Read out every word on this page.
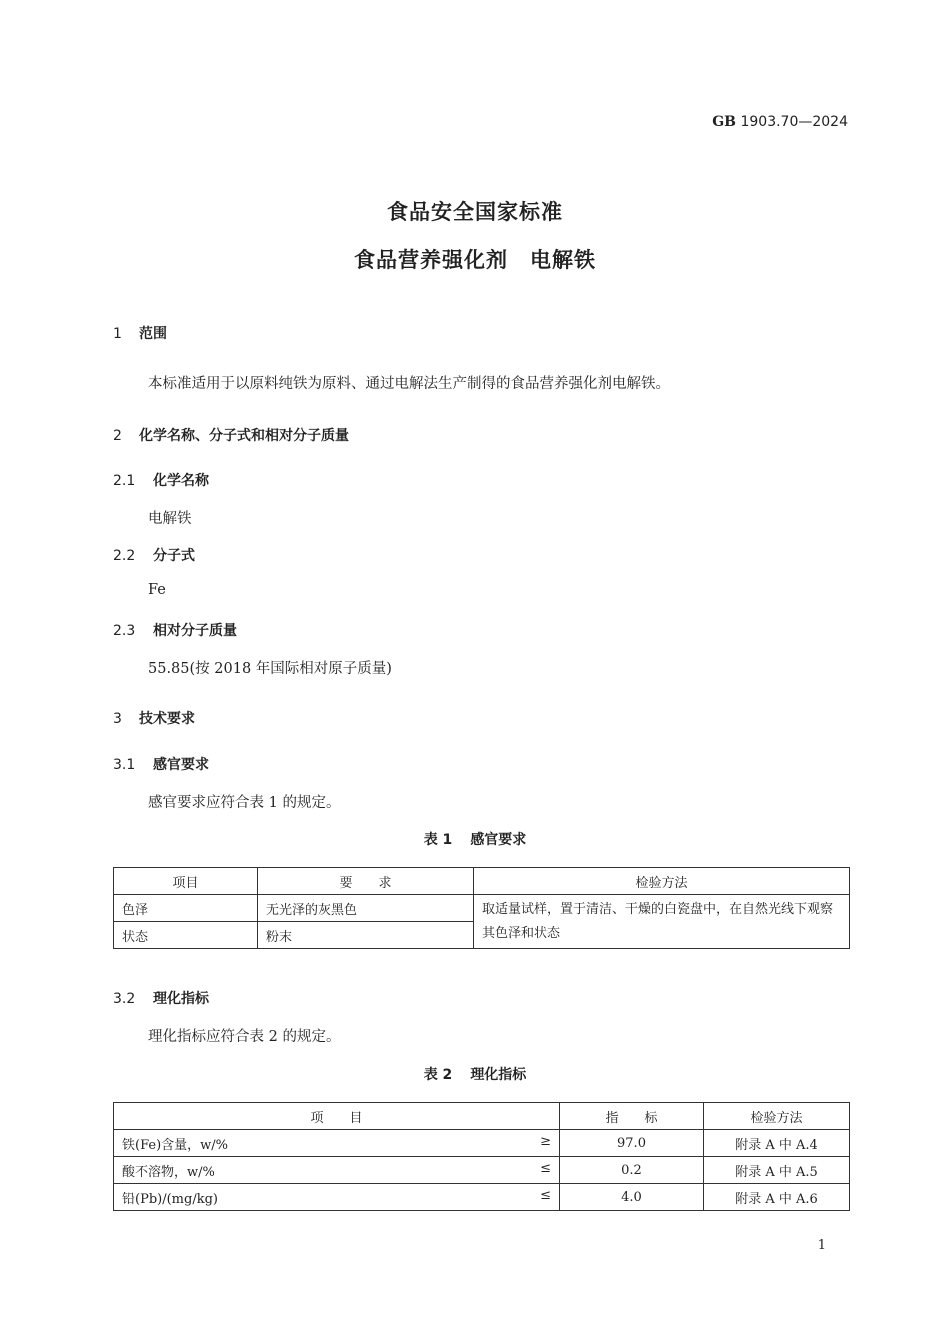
GB 1903.70—2024
食品安全国家标准
食品营养强化剂　电解铁
1 范围
本标准适用于以原料纯铁为原料、通过电解法生产制得的食品营养强化剂电解铁。
2 化学名称、分子式和相对分子质量
2.1 化学名称
电解铁
2.2 分子式
Fe
2.3 相对分子质量
55.85(按 2018 年国际相对原子质量)
3 技术要求
3.1 感官要求
感官要求应符合表 1 的规定。
表 1 感官要求
项目	要　　求	检验方法
色泽	无光泽的灰黑色	取适量试样，置于清洁、干燥的白瓷盘中，在自然光线下观察其色泽和状态
状态	粉末	
3.2 理化指标
理化指标应符合表 2 的规定。
表 2 理化指标
项　　目	指　　标	检验方法
铁(Fe)含量，w/% ≥	97.0	附录 A 中 A.4
酸不溶物，w/% ≤	0.2	附录 A 中 A.5
铅(Pb)/(mg/kg) ≤	4.0	附录 A 中 A.6
1
